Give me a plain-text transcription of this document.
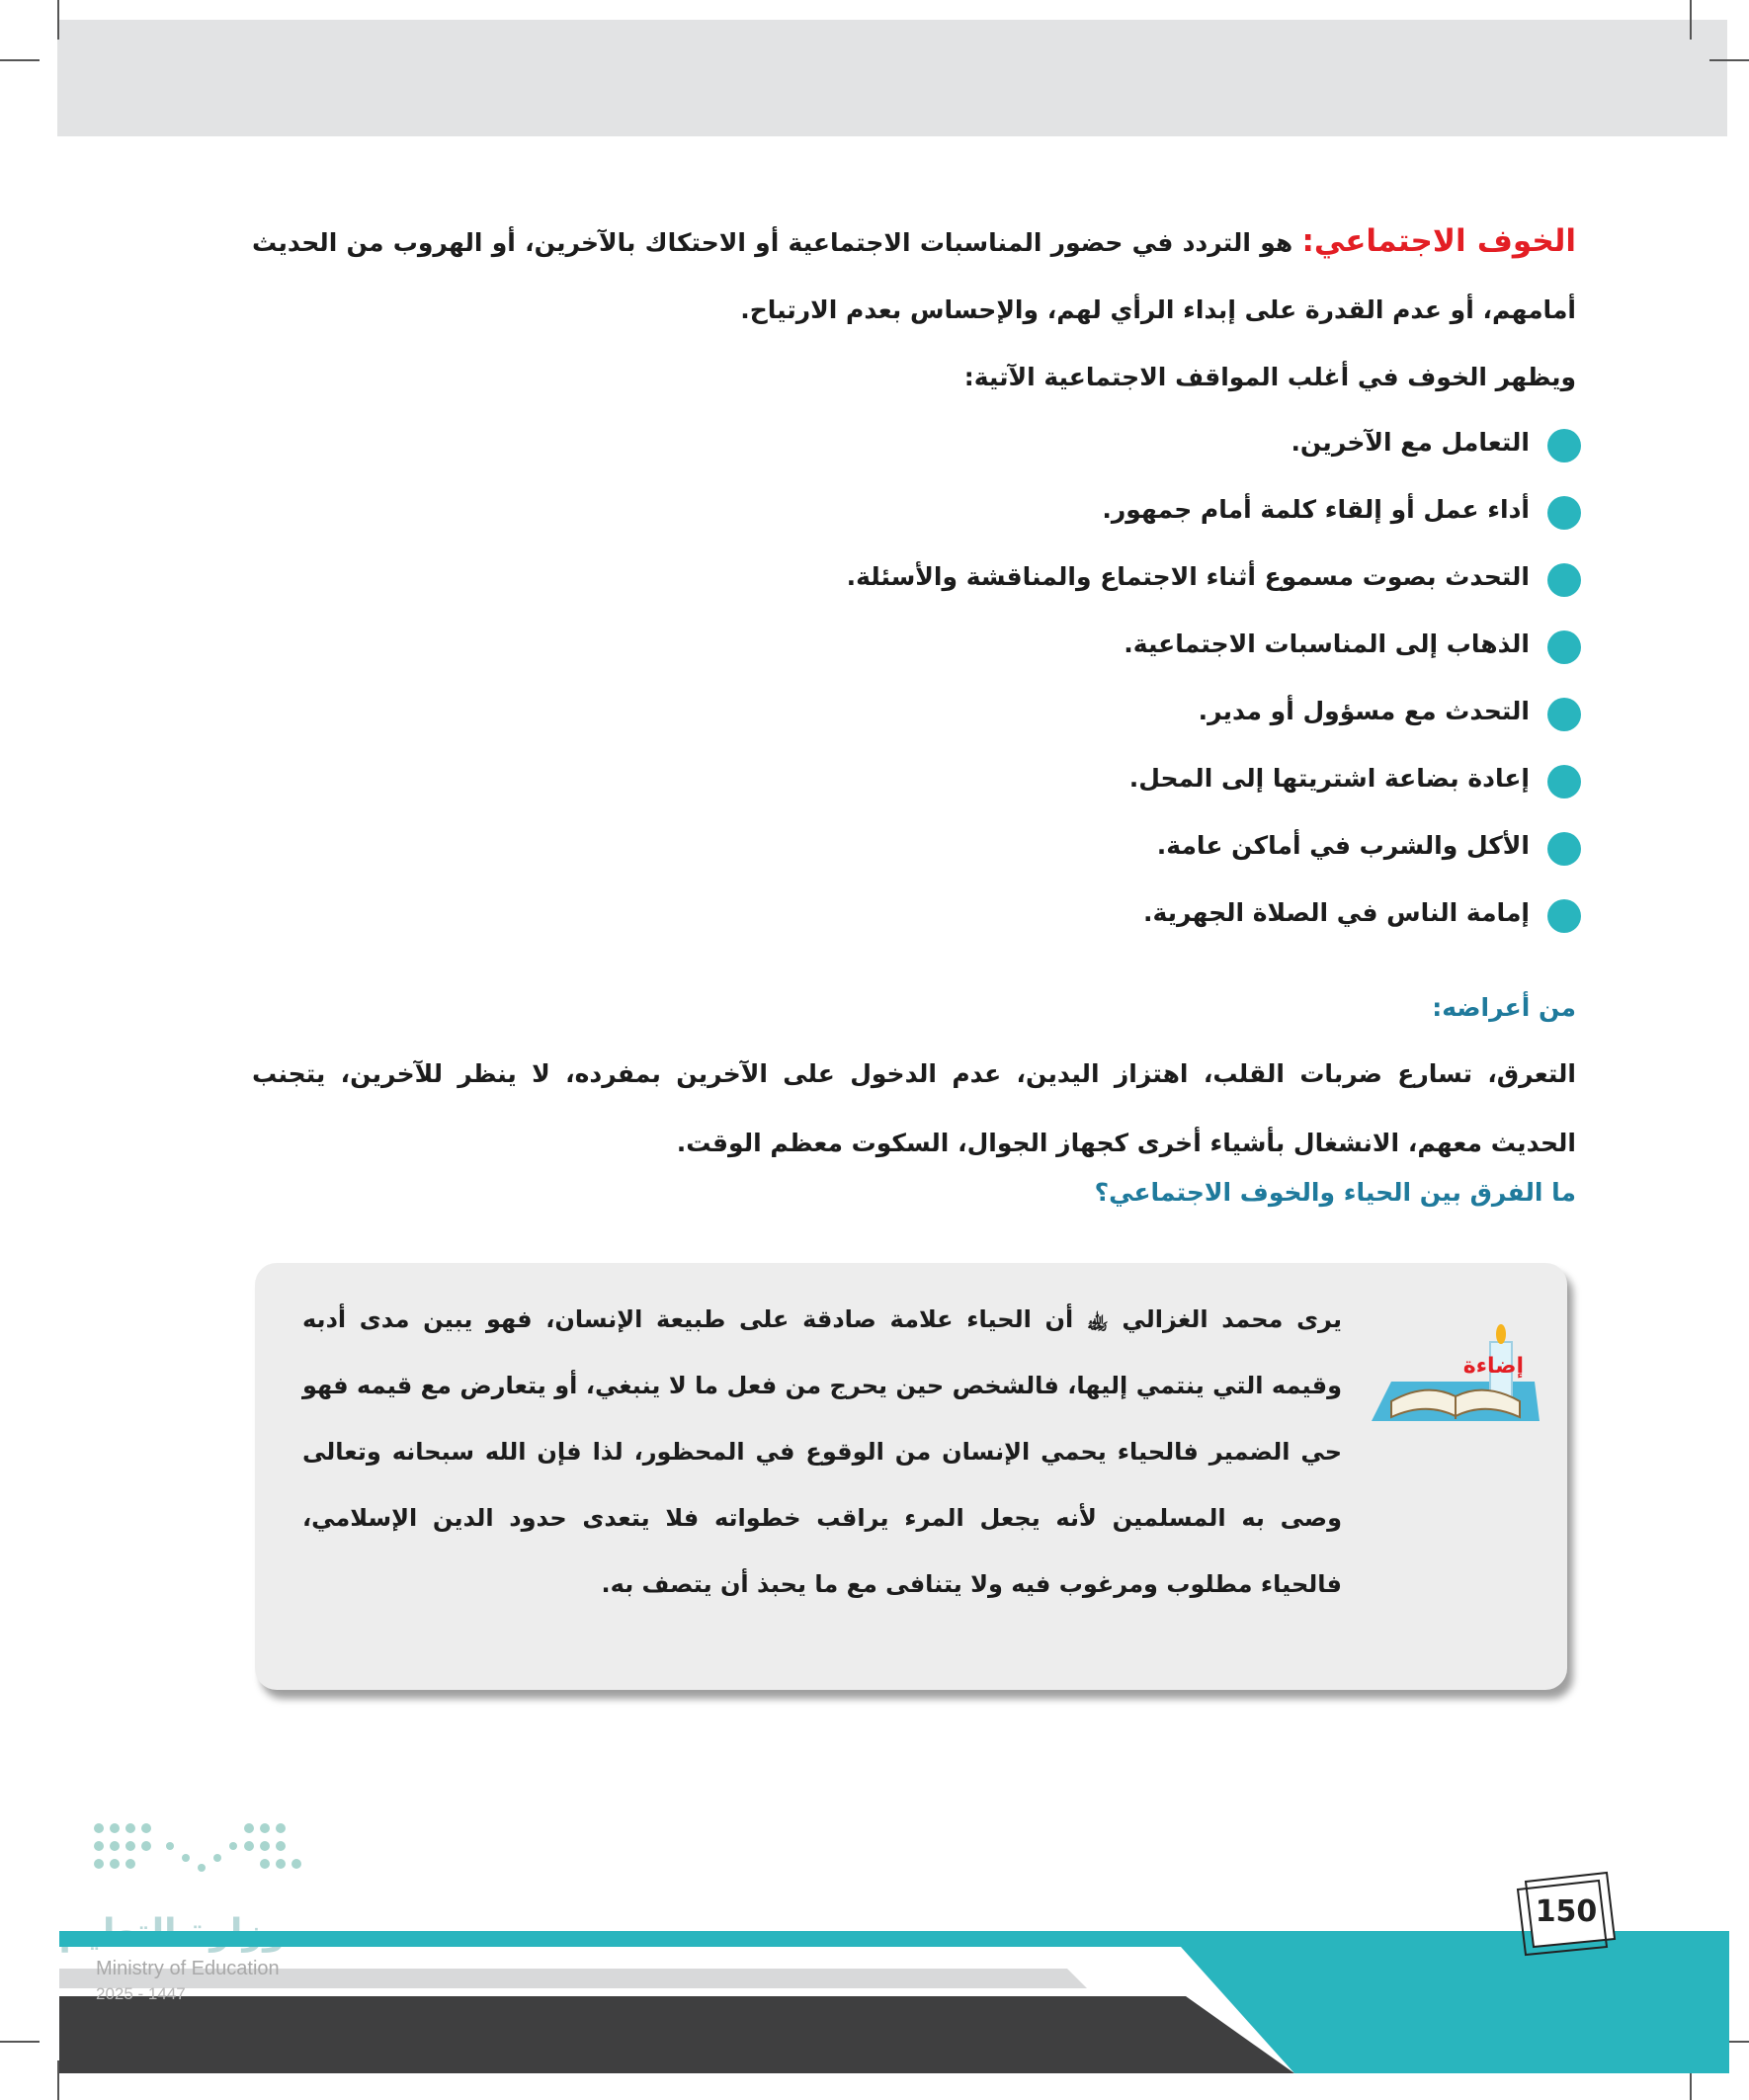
الخوف الاجتماعي: هو التردد في حضور المناسبات الاجتماعية أو الاحتكاك بالآخرين، أو الهروب من الحديث أمامهم، أو عدم القدرة على إبداء الرأي لهم، والإحساس بعدم الارتياح.

ويظهر الخوف في أغلب المواقف الاجتماعية الآتية:

التعامل مع الآخرين.
أداء عمل أو إلقاء كلمة أمام جمهور.
التحدث بصوت مسموع أثناء الاجتماع والمناقشة والأسئلة.
الذهاب إلى المناسبات الاجتماعية.
التحدث مع مسؤول أو مدير.
إعادة بضاعة اشتريتها إلى المحل.
الأكل والشرب في أماكن عامة.
إمامة الناس في الصلاة الجهرية.
من أعراضه:

التعرق، تسارع ضربات القلب، اهتزاز اليدين، عدم الدخول على الآخرين بمفرده، لا ينظر للآخرين، يتجنب الحديث معهم، الانشغال بأشياء أخرى كجهاز الجوال، السكوت معظم الوقت.

ما الفرق بين الحياء والخوف الاجتماعي؟
إضاءة
يرى محمد الغزالي ﵀ أن الحياء علامة صادقة على طبيعة الإنسان، فهو يبين مدى أدبه وقيمه التي ينتمي إليها، فالشخص حين يحرج من فعل ما لا ينبغي، أو يتعارض مع قيمه فهو حي الضمير فالحياء يحمي الإنسان من الوقوع في المحظور، لذا فإن الله سبحانه وتعالى وصى به المسلمين لأنه يجعل المرء يراقب خطواته فلا يتعدى حدود الدين الإسلامي، فالحياء مطلوب ومرغوب فيه ولا يتنافى مع ما يحبذ أن يتصف به.
150
Ministry of Education
2025 - 1447
